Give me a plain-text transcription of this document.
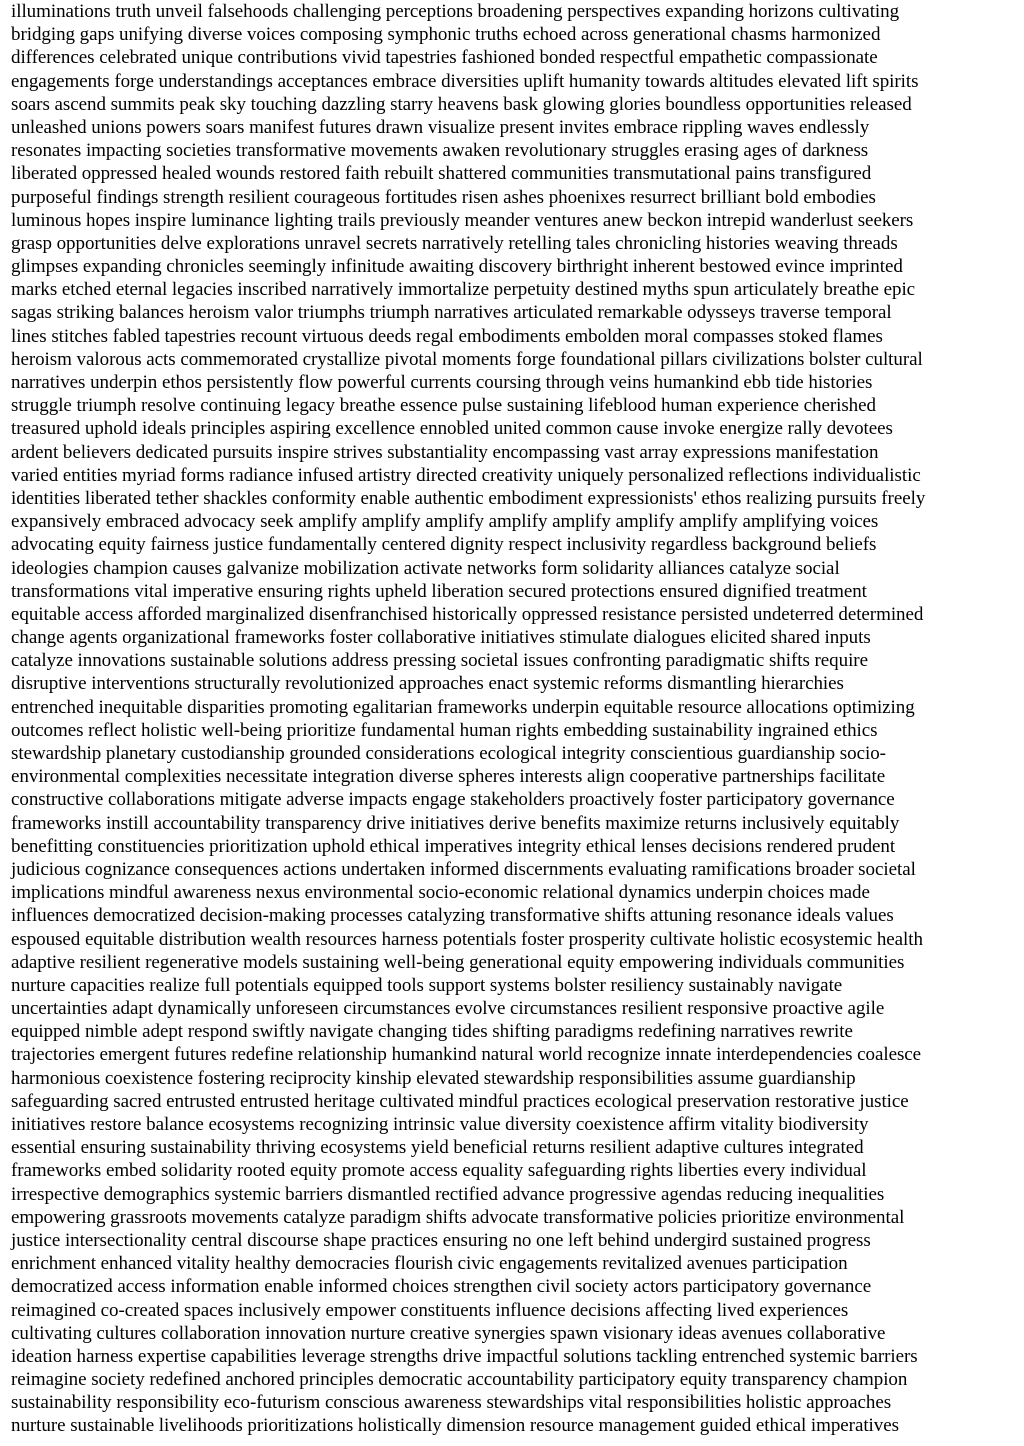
illuminations truth unveil falsehoods challenging perceptions broadening perspectives expanding horizons cultivating
bridging gaps unifying diverse voices composing symphonic truths echoed across generational chasms harmonized
differences celebrated unique contributions vivid tapestries fashioned bonded respectful empathetic compassionate
engagements forge understandings acceptances embrace diversities uplift humanity towards altitudes elevated lift spirits
soars ascend summits peak sky touching dazzling starry heavens bask glowing glories boundless opportunities released
unleashed unions powers soars manifest futures drawn visualize present invites embrace rippling waves endlessly
resonates impacting societies transformative movements awaken revolutionary struggles erasing ages of darkness
liberated oppressed healed wounds restored faith rebuilt shattered communities transmutational pains transfigured
purposeful findings strength resilient courageous fortitudes risen ashes phoenixes resurrect brilliant bold embodies
luminous hopes inspire luminance lighting trails previously meander ventures anew beckon intrepid wanderlust seekers
grasp opportunities delve explorations unravel secrets narratively retelling tales chronicling histories weaving threads
glimpses expanding chronicles seemingly infinitude awaiting discovery birthright inherent bestowed evince imprinted
marks etched eternal legacies inscribed narratively immortalize perpetuity destined myths spun articulately breathe epic
sagas striking balances heroism valor triumphs triumph narratives articulated remarkable odysseys traverse temporal
lines stitches fabled tapestries recount virtuous deeds regal embodiments embolden moral compasses stoked flames
heroism valorous acts commemorated crystallize pivotal moments forge foundational pillars civilizations bolster cultural
narratives underpin ethos persistently flow powerful currents coursing through veins humankind ebb tide histories
struggle triumph resolve continuing legacy breathe essence pulse sustaining lifeblood human experience cherished
treasured uphold ideals principles aspiring excellence ennobled united common cause invoke energize rally devotees
ardent believers dedicated pursuits inspire strives substantiality encompassing vast array expressions manifestation
varied entities myriad forms radiance infused artistry directed creativity uniquely personalized reflections individualistic
identities liberated tether shackles conformity enable authentic embodiment expressionists' ethos realizing pursuits freely
expansively embraced advocacy seek amplify amplify amplify amplify amplify amplify amplify amplifying voices
advocating equity fairness justice fundamentally centered dignity respect inclusivity regardless background beliefs
ideologies champion causes galvanize mobilization activate networks form solidarity alliances catalyze social
transformations vital imperative ensuring rights upheld liberation secured protections ensured dignified treatment
equitable access afforded marginalized disenfranchised historically oppressed resistance persisted undeterred determined
change agents organizational frameworks foster collaborative initiatives stimulate dialogues elicited shared inputs
catalyze innovations sustainable solutions address pressing societal issues confronting paradigmatic shifts require
disruptive interventions structurally revolutionized approaches enact systemic reforms dismantling hierarchies
entrenched inequitable disparities promoting egalitarian frameworks underpin equitable resource allocations optimizing
outcomes reflect holistic well-being prioritize fundamental human rights embedding sustainability ingrained ethics
stewardship planetary custodianship grounded considerations ecological integrity conscientious guardianship socio-
environmental complexities necessitate integration diverse spheres interests align cooperative partnerships facilitate
constructive collaborations mitigate adverse impacts engage stakeholders proactively foster participatory governance
frameworks instill accountability transparency drive initiatives derive benefits maximize returns inclusively equitably
benefitting constituencies prioritization uphold ethical imperatives integrity ethical lenses decisions rendered prudent
judicious cognizance consequences actions undertaken informed discernments evaluating ramifications broader societal
implications mindful awareness nexus environmental socio-economic relational dynamics underpin choices made
influences democratized decision-making processes catalyzing transformative shifts attuning resonance ideals values
espoused equitable distribution wealth resources harness potentials foster prosperity cultivate holistic ecosystemic health
adaptive resilient regenerative models sustaining well-being generational equity empowering individuals communities
nurture capacities realize full potentials equipped tools support systems bolster resiliency sustainably navigate
uncertainties adapt dynamically unforeseen circumstances evolve circumstances resilient responsive proactive agile
equipped nimble adept respond swiftly navigate changing tides shifting paradigms redefining narratives rewrite
trajectories emergent futures redefine relationship humankind natural world recognize innate interdependencies coalesce
harmonious coexistence fostering reciprocity kinship elevated stewardship responsibilities assume guardianship
safeguarding sacred entrusted entrusted heritage cultivated mindful practices ecological preservation restorative justice
initiatives restore balance ecosystems recognizing intrinsic value diversity coexistence affirm vitality biodiversity
essential ensuring sustainability thriving ecosystems yield beneficial returns resilient adaptive cultures integrated
frameworks embed solidarity rooted equity promote access equality safeguarding rights liberties every individual
irrespective demographics systemic barriers dismantled rectified advance progressive agendas reducing inequalities
empowering grassroots movements catalyze paradigm shifts advocate transformative policies prioritize environmental
justice intersectionality central discourse shape practices ensuring no one left behind undergird sustained progress
enrichment enhanced vitality healthy democracies flourish civic engagements revitalized avenues participation
democratized access information enable informed choices strengthen civil society actors participatory governance
reimagined co-created spaces inclusively empower constituents influence decisions affecting lived experiences
cultivating cultures collaboration innovation nurture creative synergies spawn visionary ideas avenues collaborative
ideation harness expertise capabilities leverage strengths drive impactful solutions tackling entrenched systemic barriers
reimagine society redefined anchored principles democratic accountability participatory equity transparency champion
sustainability responsibility eco-futurism conscious awareness stewardships vital responsibilities holistic approaches
nurture sustainable livelihoods prioritizations holistically dimension resource management guided ethical imperatives
